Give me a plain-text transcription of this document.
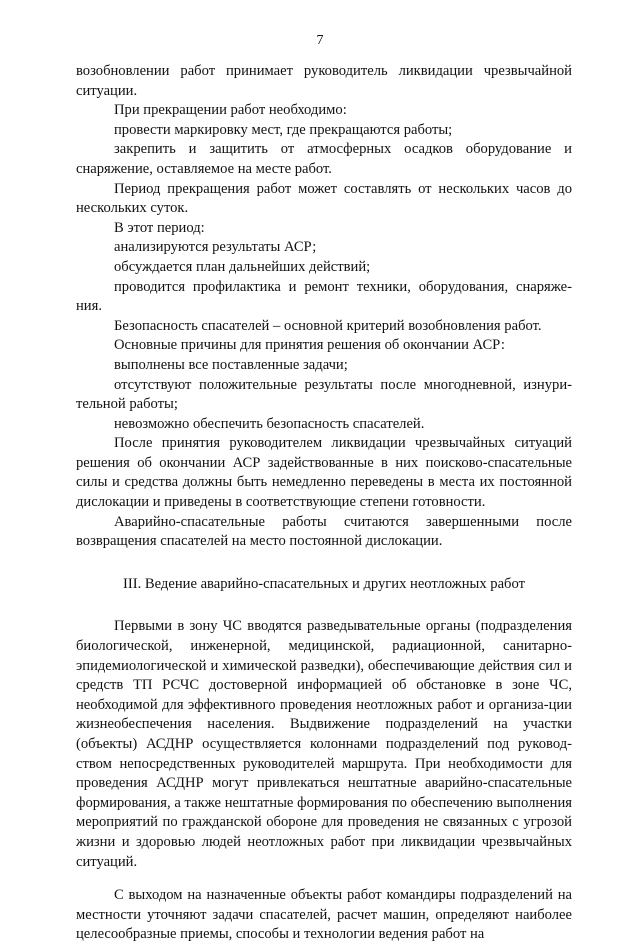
7

возобновлении работ принимает руководитель ликвидации чрезвычайной ситуации.

При прекращении работ необходимо:

провести маркировку мест, где прекращаются работы;

закрепить и защитить от атмосферных осадков оборудование и снаряжение, оставляемое на месте работ.

Период прекращения работ может составлять от нескольких часов до нескольких суток.

В этот период:

анализируются результаты АСР;

обсуждается план дальнейших действий;

проводится профилактика и ремонт техники, оборудования, снаряже-ния.

Безопасность спасателей – основной критерий возобновления работ.

Основные причины для принятия решения об окончании АСР:

выполнены все поставленные задачи;

отсутствуют положительные результаты после многодневной, изнури-тельной работы;

невозможно обеспечить безопасность спасателей.

После принятия руководителем ликвидации чрезвычайных ситуаций решения об окончании АСР задействованные в них поисково-спасательные силы и средства должны быть немедленно переведены в места их постоянной дислокации и приведены в соответствующие степени готовности.

Аварийно-спасательные работы считаются завершенными после возвращения спасателей на место постоянной дислокации.

III. Ведение аварийно-спасательных и других неотложных работ

Первыми в зону ЧС вводятся разведывательные органы (подразделения биологической, инженерной, медицинской, радиационной, санитарно-эпидемиологической и химической разведки), обеспечивающие действия сил и средств ТП РСЧС достоверной информацией об обстановке в зоне ЧС, необходимой для эффективного проведения неотложных работ и организа-ции жизнеобеспечения населения. Выдвижение подразделений на участки (объекты) АСДНР осуществляется колоннами подразделений под руковод-ством непосредственных руководителей маршрута. При необходимости для проведения АСДНР могут привлекаться нештатные аварийно-спасательные формирования, а также нештатные формирования по обеспечению выполнения мероприятий по гражданской обороне для проведения не связанных с угрозой жизни и здоровью людей неотложных работ при ликвидации чрезвычайных ситуаций.

С выходом на назначенные объекты работ командиры подразделений на местности уточняют задачи спасателей, расчет машин, определяют наиболее целесообразные приемы, способы и технологии ведения работ на
